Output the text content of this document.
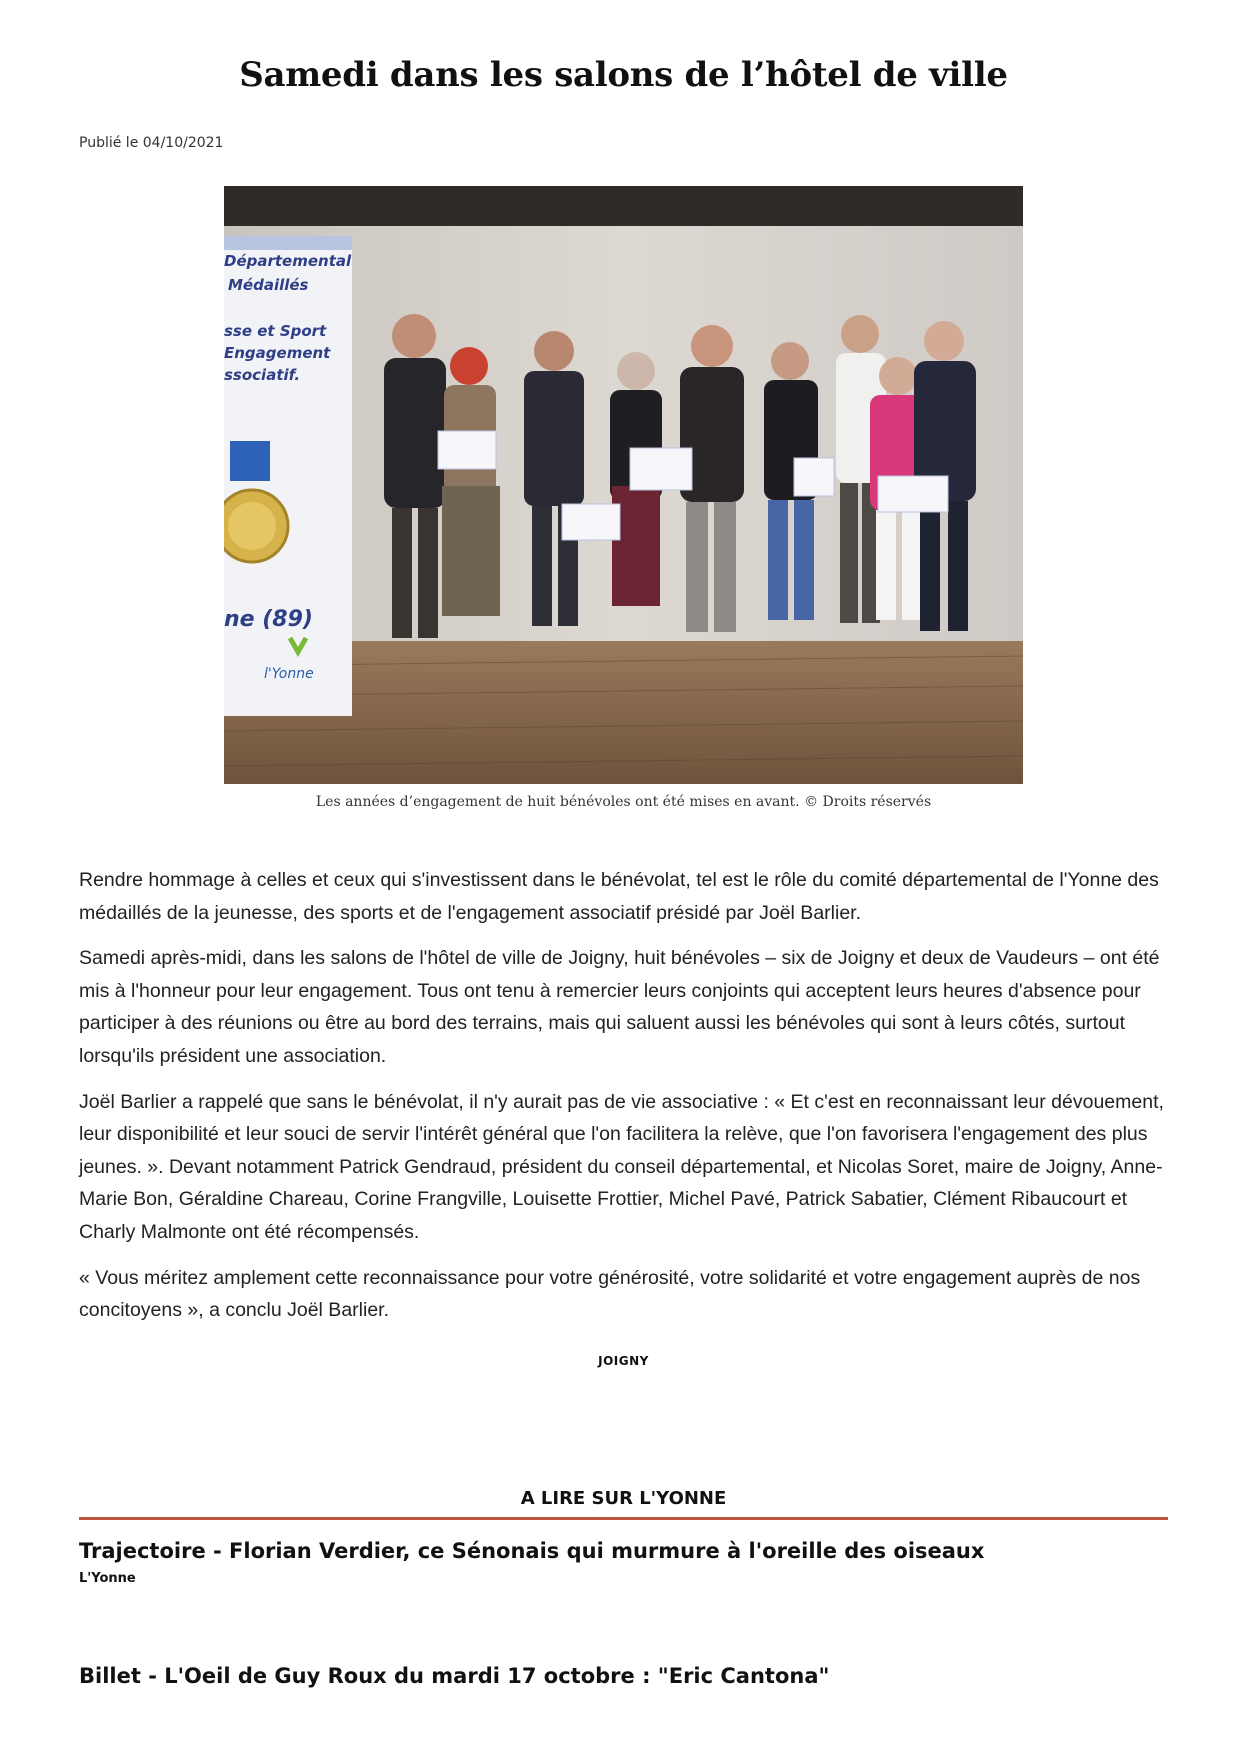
Samedi dans les salons de l’hôtel de ville
Publié le 04/10/2021
Départemental
Médaillés
sse et Sport
Engagement
ssociatif.
ne (89)
l'Yonne
Les années d’engagement de huit bénévoles ont été mises en avant. © Droits réservés

Rendre hommage à celles et ceux qui s'investissent dans le bénévolat, tel est le rôle du comité départemental de l'Yonne des médaillés de la jeunesse, des sports et de l'engagement associatif présidé par Joël Barlier.

Samedi après-midi, dans les salons de l'hôtel de ville de Joigny, huit bénévoles – six de Joigny et deux de Vaudeurs – ont été mis à l'honneur pour leur engagement. Tous ont tenu à remercier leurs conjoints qui acceptent leurs heures d'absence pour participer à des réunions ou être au bord des terrains, mais qui saluent aussi les bénévoles qui sont à leurs côtés, surtout lorsqu'ils président une association.

Joël Barlier a rappelé que sans le bénévolat, il n'y aurait pas de vie associative : « Et c'est en reconnaissant leur dévouement, leur disponibilité et leur souci de servir l'intérêt général que l'on facilitera la relève, que l'on favorisera l'engagement des plus jeunes. ». Devant notamment Patrick Gendraud, président du conseil départemental, et Nicolas Soret, maire de Joigny, Anne-Marie Bon, Géraldine Chareau, Corine Frangville, Louisette Frottier, Michel Pavé, Patrick Sabatier, Clément Ribaucourt et Charly Malmonte ont été récompensés.

« Vous méritez amplement cette reconnaissance pour votre générosité, votre solidarité et votre engagement auprès de nos concitoyens », a conclu Joël Barlier.

JOIGNY
A LIRE SUR L'YONNE
Trajectoire - Florian Verdier, ce Sénonais qui murmure à l'oreille des oiseaux
L'Yonne
Billet - L'Oeil de Guy Roux du mardi 17 octobre : "Eric Cantona"
